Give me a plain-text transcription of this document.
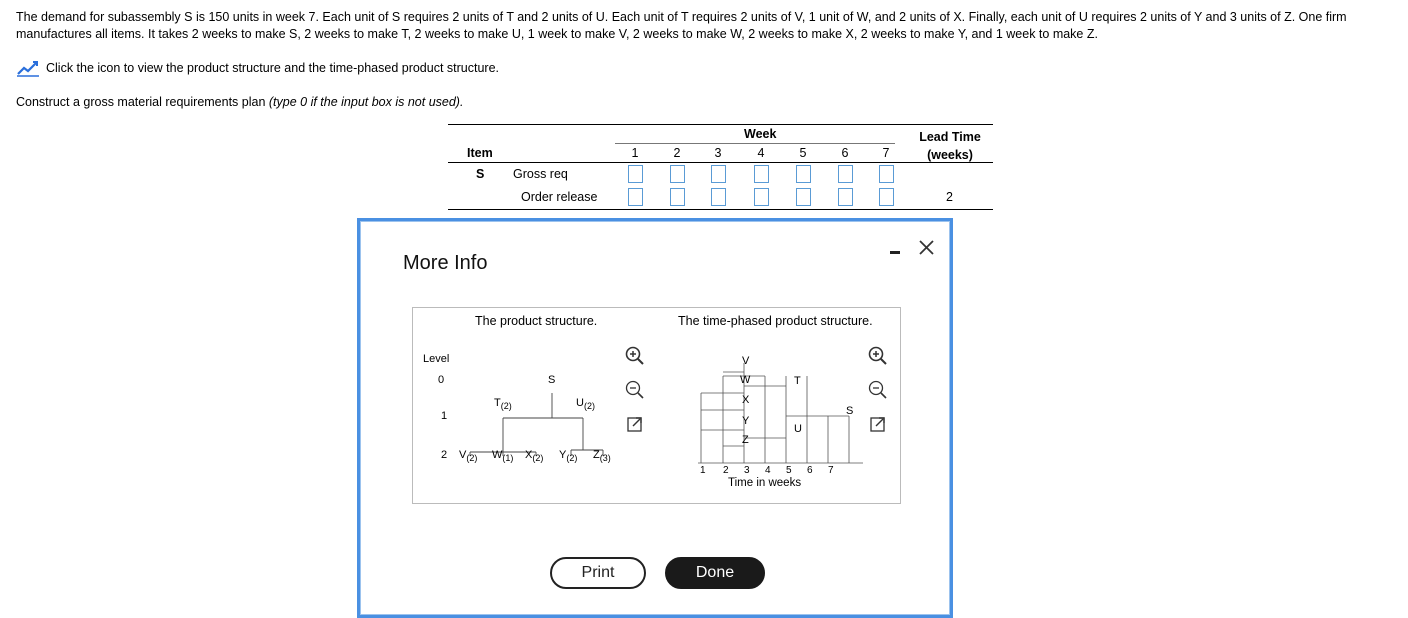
The demand for subassembly S is 150 units in week 7. Each unit of S requires 2 units of T and 2 units of U. Each unit of T requires 2 units of V, 1 unit of W, and 2 units of X. Finally, each unit of U requires 2 units of Y and 3 units of Z. One firm
manufactures all items. It takes 2 weeks to make S, 2 weeks to make T, 2 weeks to make U, 1 week to make V, 2 weeks to make W, 2 weeks to make X, 2 weeks to make Y, and 1 week to make Z.
Click the icon to view the product structure and the time-phased product structure.
Construct a gross material requirements plan (type 0 if the input box is not used).
Week
Item
Lead Time
(weeks)
1	2	3	4	5	6	7
S Gross req
Order release	2
More Info
The product structure.
Level
0
1
2
S
$T_{(2)}$	$U_{(2)}$
$V_{(2)}$ $W_{(1)}$ $X_{(2)}$ $Y_{(2)}$ $Z_{(3)}$
The time-phased product structure.
V
W
X
Y
Z
T
U
S
1 2 3 4 5 6 7
Time in weeks
Print	Done
